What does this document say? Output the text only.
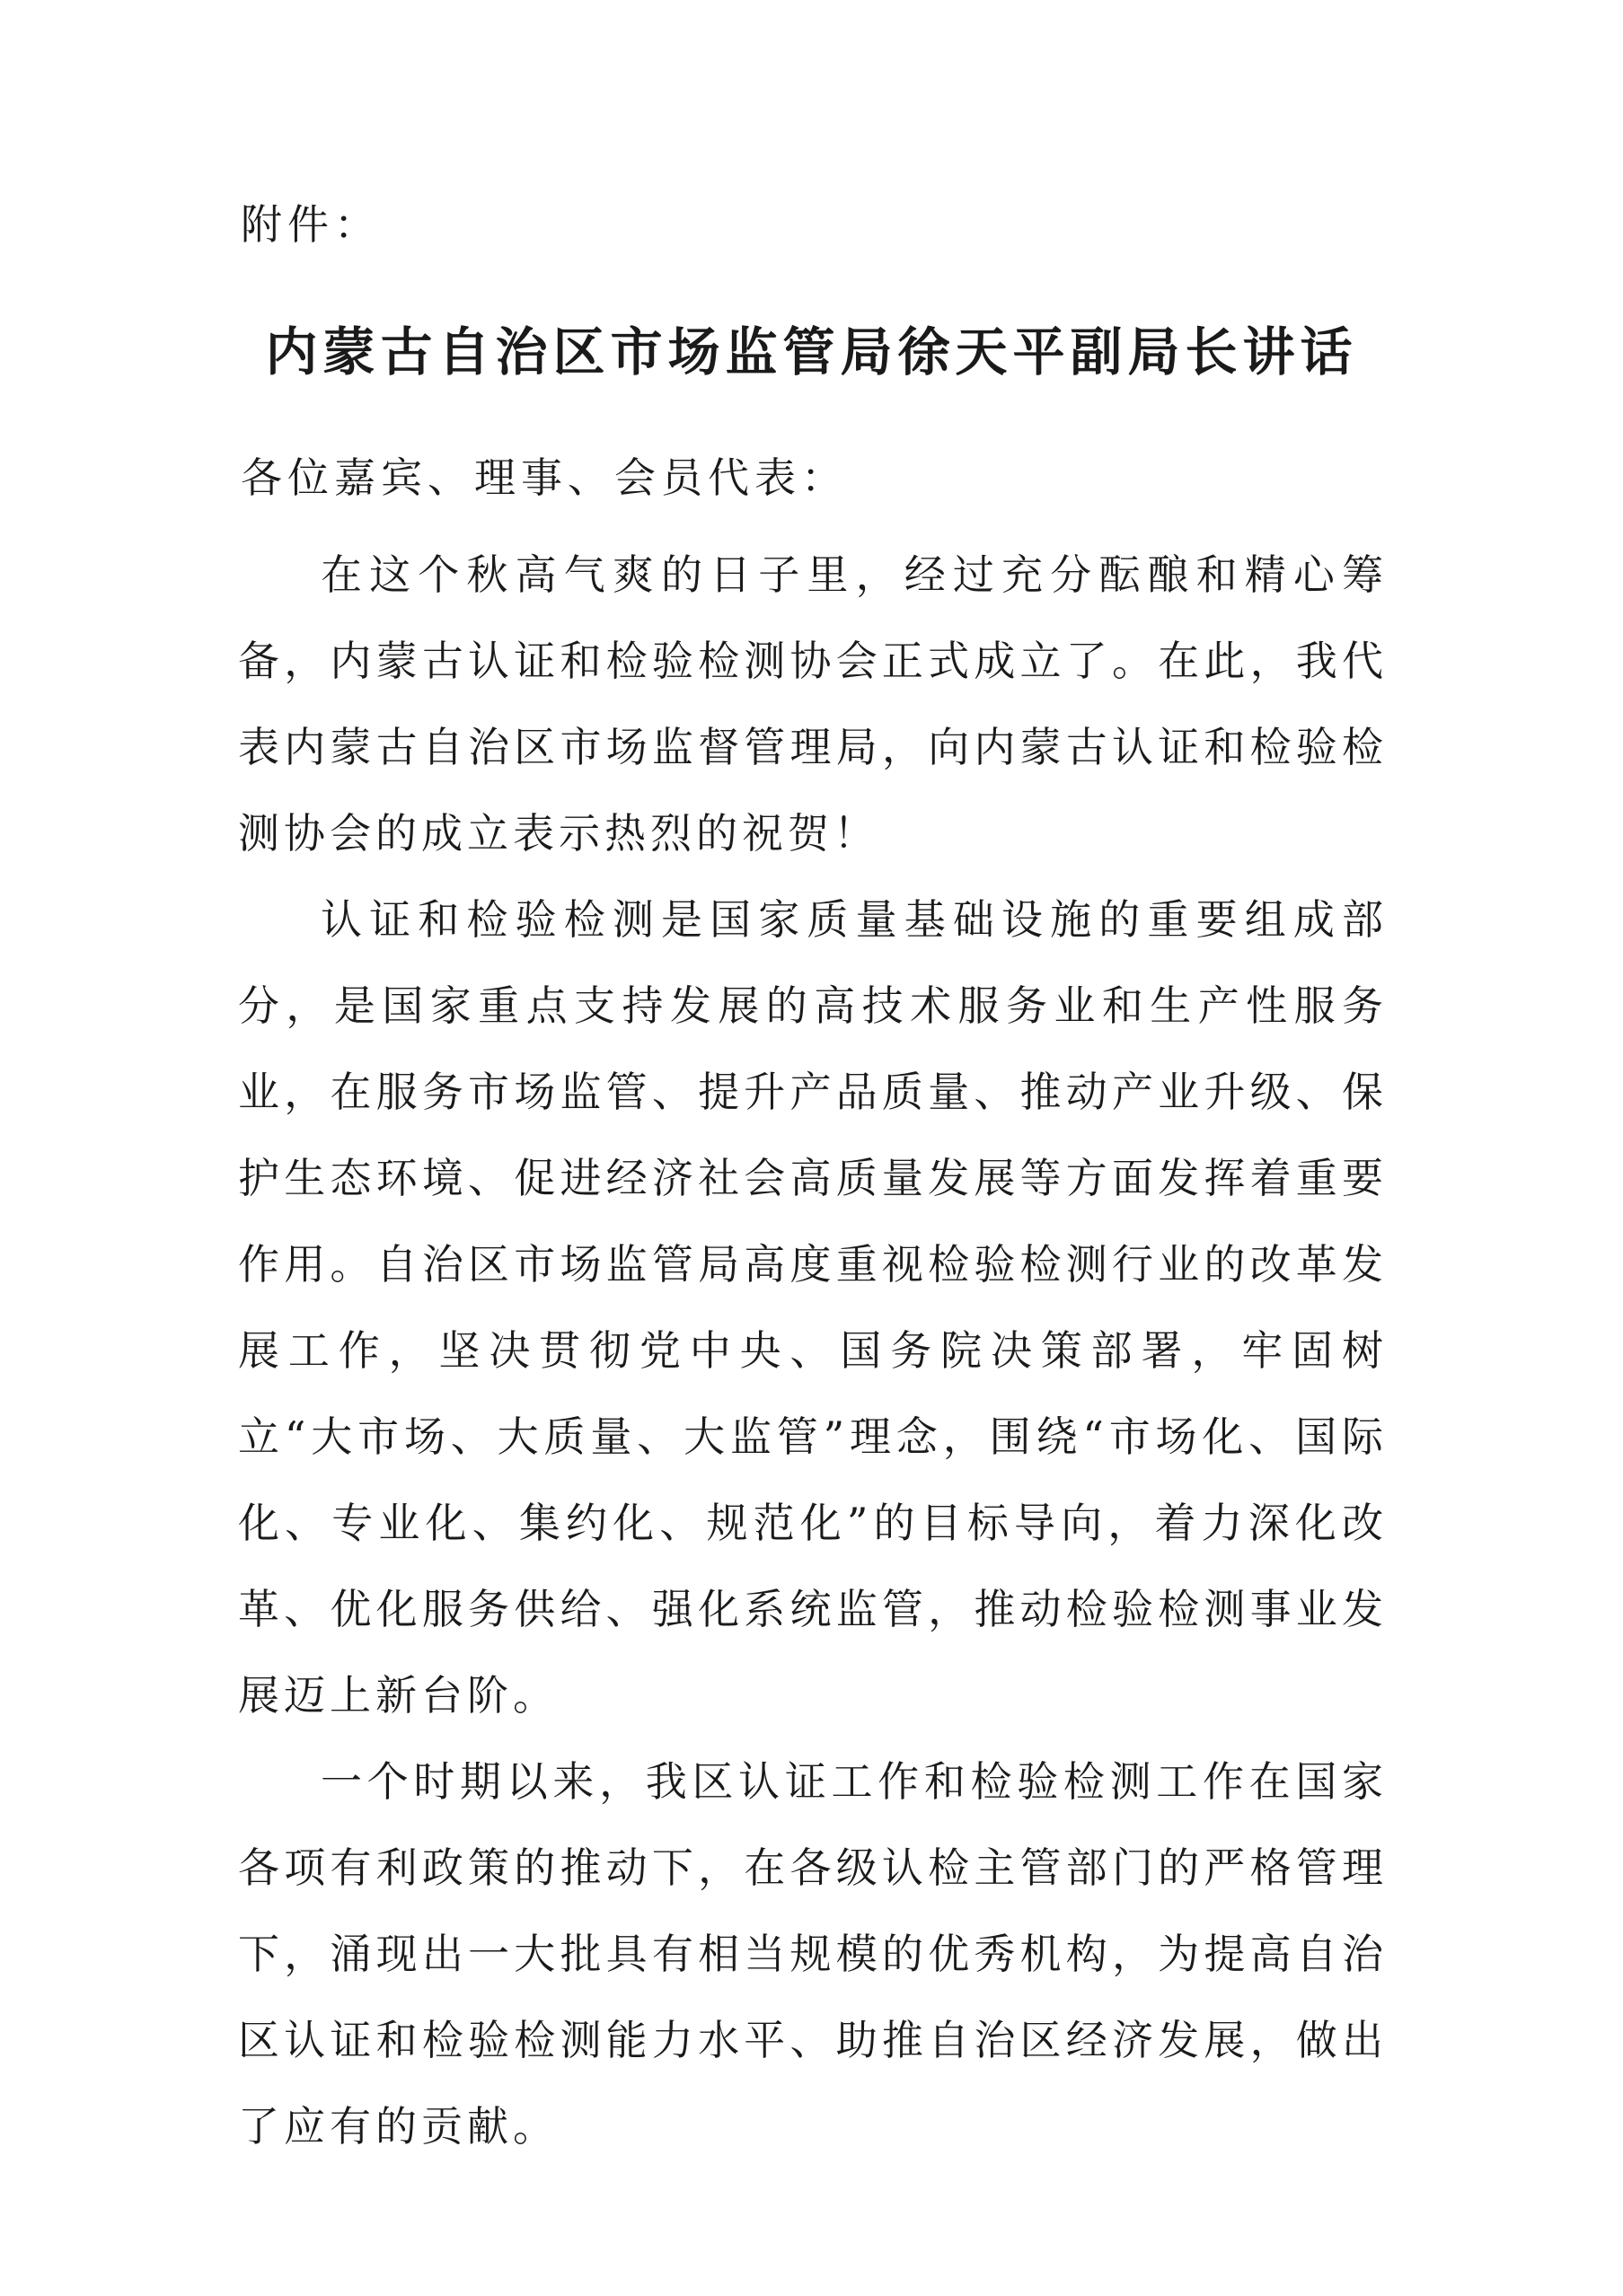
附件：
内蒙古自治区市场监管局徐天平副局长讲话
各位嘉宾、理事、会员代表：

在这个秋高气爽的日子里，经过充分酝酿和精心筹备，内蒙古认证和检验检测协会正式成立了。在此，我代表内蒙古自治区市场监督管理局，向内蒙古认证和检验检测协会的成立表示热烈的祝贺！

认证和检验检测是国家质量基础设施的重要组成部分，是国家重点支持发展的高技术服务业和生产性服务业，在服务市场监管、提升产品质量、推动产业升级、保护生态环境、促进经济社会高质量发展等方面发挥着重要作用。自治区市场监管局高度重视检验检测行业的改革发展工作，坚决贯彻党中央、国务院决策部署，牢固树立“大市场、大质量、大监管”理念，围绕“市场化、国际化、专业化、集约化、规范化”的目标导向，着力深化改革、优化服务供给、强化系统监管，推动检验检测事业发展迈上新台阶。

一个时期以来，我区认证工作和检验检测工作在国家各项有利政策的推动下，在各级认检主管部门的严格管理下，涌现出一大批具有相当规模的优秀机构，为提高自治区认证和检验检测能力水平、助推自治区经济发展，做出了应有的贡献。
